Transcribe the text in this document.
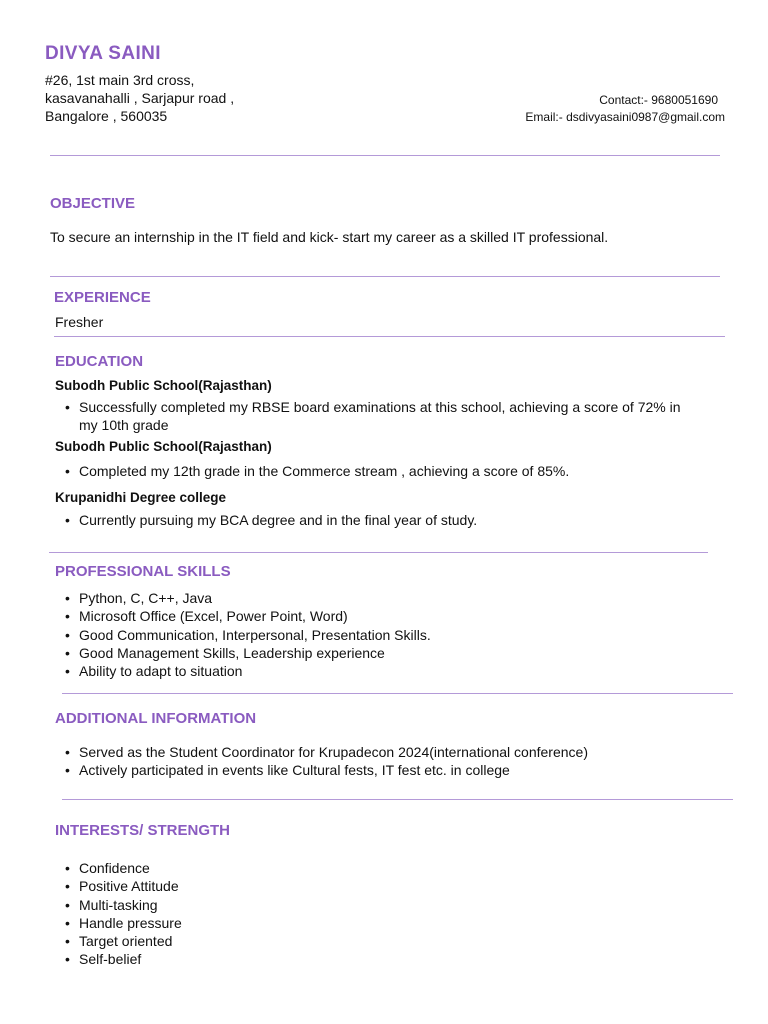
DIVYA SAINI
#26, 1st main 3rd cross,
kasavanahalli , Sarjapur road ,
Bangalore , 560035
Contact:- 9680051690
Email:- dsdivyasaini0987@gmail.com
OBJECTIVE
To secure an internship in the IT field and kick- start my career as a skilled IT professional.
EXPERIENCE
Fresher
EDUCATION
Subodh Public School(Rajasthan)
• Successfully completed my RBSE board examinations at this school, achieving a score of 72% in my 10th grade
Subodh Public School(Rajasthan)
• Completed my 12th grade in the Commerce stream , achieving a score of 85%.
Krupanidhi Degree college
• Currently pursuing my BCA degree and in the final year of study.
PROFESSIONAL SKILLS
• Python, C, C++, Java
• Microsoft Office (Excel, Power Point, Word)
• Good Communication, Interpersonal, Presentation Skills.
• Good Management Skills, Leadership experience
• Ability to adapt to situation
ADDITIONAL INFORMATION
• Served as the Student Coordinator for Krupadecon 2024(international conference)
• Actively participated in events like Cultural fests, IT fest etc. in college
INTERESTS/ STRENGTH
• Confidence
• Positive Attitude
• Multi-tasking
• Handle pressure
• Target oriented
• Self-belief
